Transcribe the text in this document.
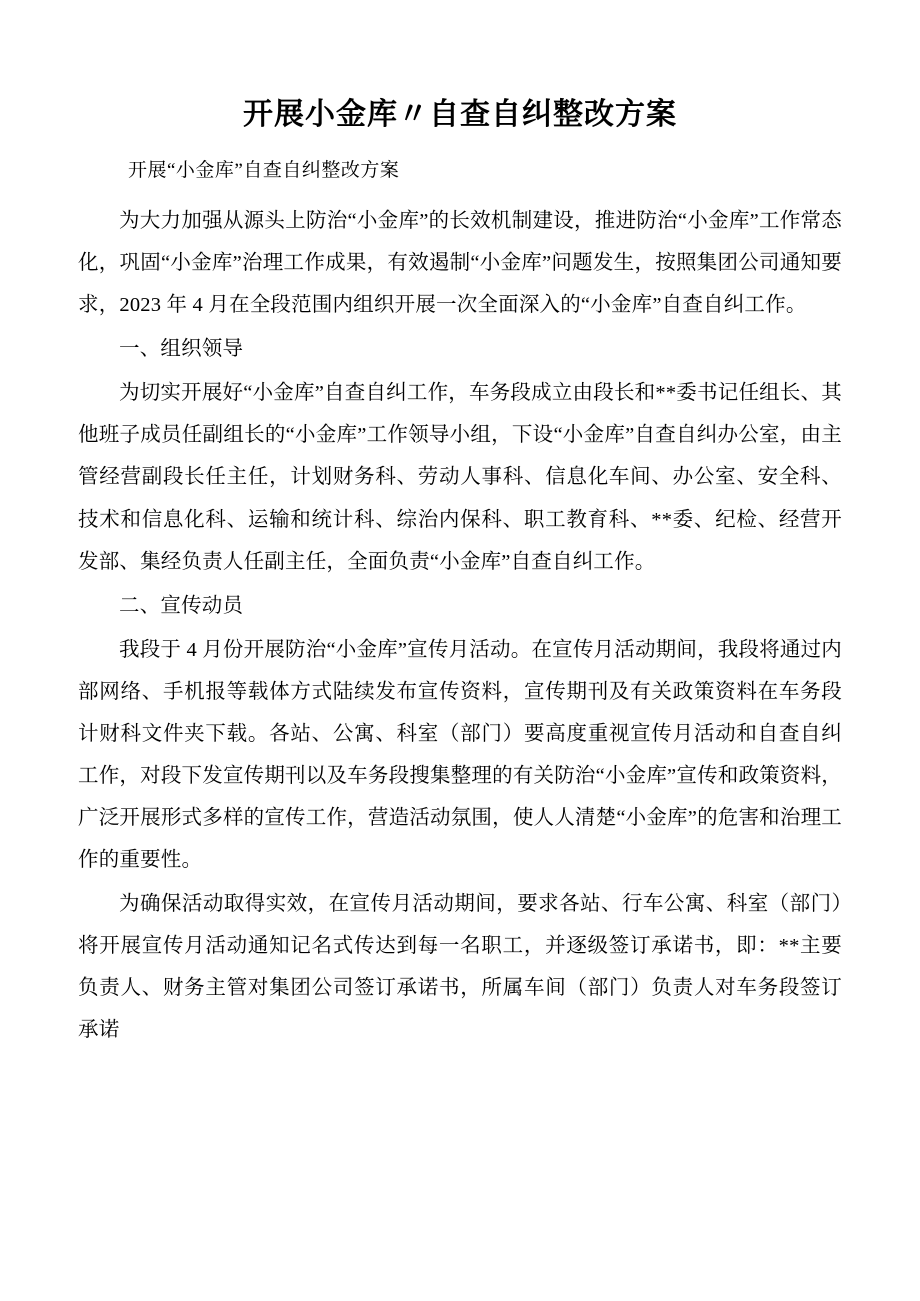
开展小金库〃自查自纠整改方案
开展“小金库”自查自纠整改方案

为大力加强从源头上防治“小金库”的长效机制建设，推进防治“小金库”工作常态化，巩固“小金库”治理工作成果，有效遏制“小金库”问题发生，按照集团公司通知要求，2023 年 4 月在全段范围内组织开展一次全面深入的“小金库”自查自纠工作。

一、组织领导

为切实开展好“小金库”自查自纠工作，车务段成立由段长和**委书记任组长、其他班子成员任副组长的“小金库”工作领导小组，下设“小金库”自查自纠办公室，由主管经营副段长任主任，计划财务科、劳动人事科、信息化车间、办公室、安全科、技术和信息化科、运输和统计科、综治内保科、职工教育科、**委、纪检、经营开发部、集经负责人任副主任，全面负责“小金库”自查自纠工作。

二、宣传动员

我段于 4 月份开展防治“小金库”宣传月活动。在宣传月活动期间，我段将通过内部网络、手机报等载体方式陆续发布宣传资料，宣传期刊及有关政策资料在车务段计财科文件夹下载。各站、公寓、科室（部门）要高度重视宣传月活动和自查自纠工作，对段下发宣传期刊以及车务段搜集整理的有关防治“小金库”宣传和政策资料，广泛开展形式多样的宣传工作，营造活动氛围，使人人清楚“小金库”的危害和治理工作的重要性。

为确保活动取得实效，在宣传月活动期间，要求各站、行车公寓、科室（部门）将开展宣传月活动通知记名式传达到每一名职工，并逐级签订承诺书，即：**主要负责人、财务主管对集团公司签订承诺书，所属车间（部门）负责人对车务段签订承诺
